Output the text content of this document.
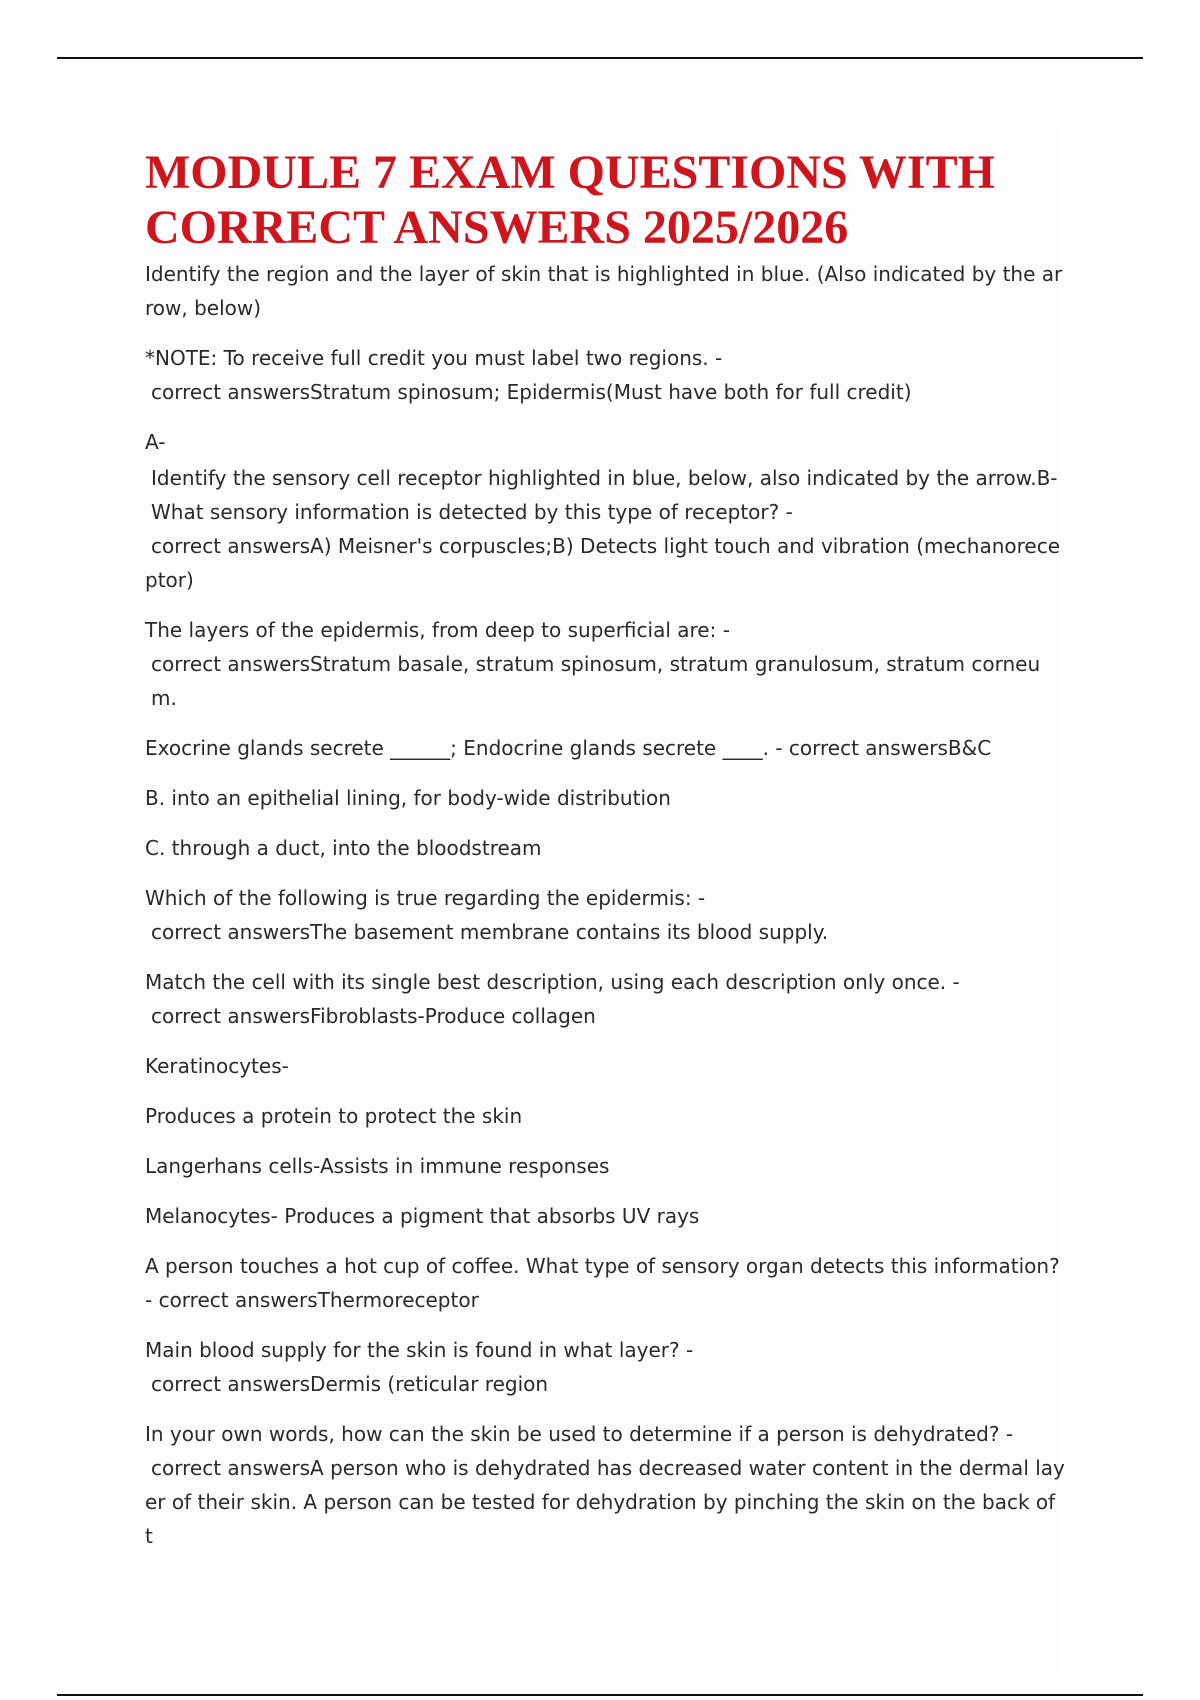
MODULE 7 EXAM QUESTIONS WITH CORRECT ANSWERS 2025/2026

Identify the region and the layer of skin that is highlighted in blue. (Also indicated by the arrow, below)

*NOTE: To receive full credit you must label two regions. -
correct answersStratum spinosum; Epidermis(Must have both for full credit)

A-

Identify the sensory cell receptor highlighted in blue, below, also indicated by the arrow.B-
What sensory information is detected by this type of receptor? -
correct answersA) Meisner's corpuscles;B) Detects light touch and vibration (mechanoreceptor)

The layers of the epidermis, from deep to superficial are: -
correct answersStratum basale, stratum spinosum, stratum granulosum, stratum corneum.

Exocrine glands secrete ______; Endocrine glands secrete ____. - correct answersB&C

B. into an epithelial lining, for body-wide distribution

C. through a duct, into the bloodstream

Which of the following is true regarding the epidermis: -
correct answersThe basement membrane contains its blood supply.

Match the cell with its single best description, using each description only once. -
correct answersFibroblasts-Produce collagen

Keratinocytes-

Produces a protein to protect the skin

Langerhans cells-Assists in immune responses

Melanocytes- Produces a pigment that absorbs UV rays

A person touches a hot cup of coffee. What type of sensory organ detects this information?
- correct answersThermoreceptor

Main blood supply for the skin is found in what layer? -
correct answersDermis (reticular region

In your own words, how can the skin be used to determine if a person is dehydrated? -
correct answersA person who is dehydrated has decreased water content in the dermal layer of their skin. A person can be tested for dehydration by pinching the skin on the back of t
